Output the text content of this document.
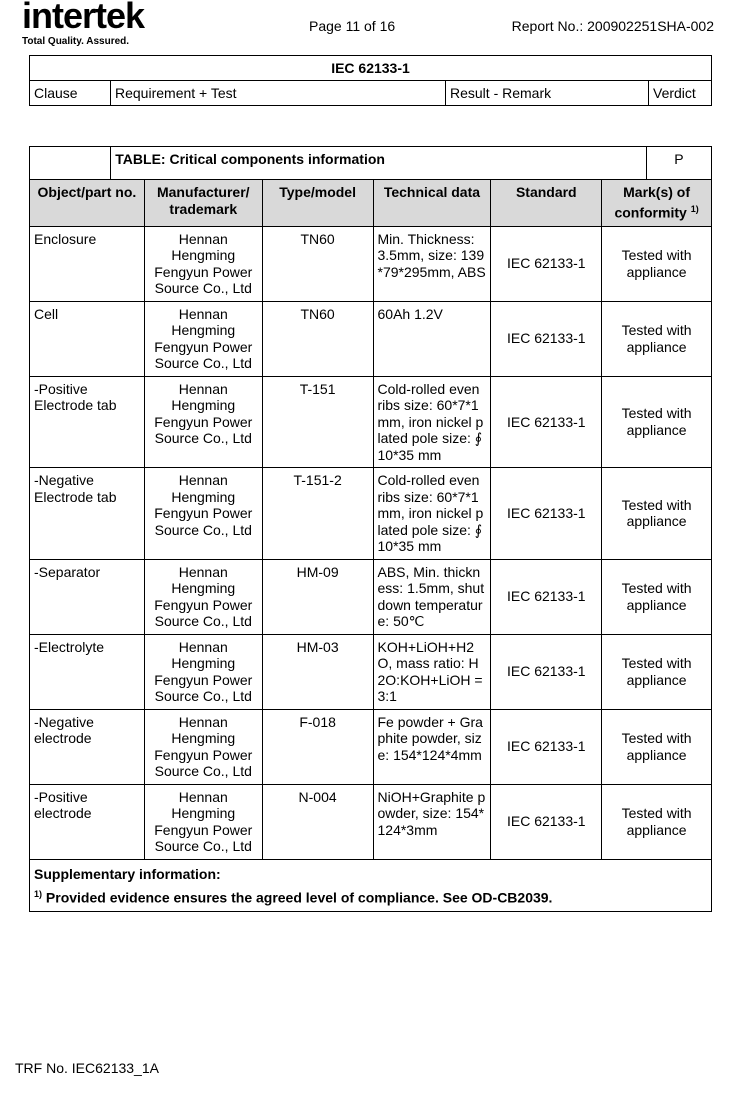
intertek
Total Quality. Assured.
Page 11 of 16	Report No.: 200902251SHA-002
IEC 62133-1
Clause	Requirement + Test	Result - Remark	Verdict
	TABLE: Critical components information						P
Object/part no.		Manufacturer/ trademark	Type/model	Technical data	Standard	Mark(s) of conformity $^{1)}$
Enclosure		Hennan Hengming Fengyun Power Source Co., Ltd	TN60	Min. Thickness: 3.5mm, size: 139*79*295mm, ABS	IEC 62133-1	Tested with appliance	
Cell		Hennan Hengming Fengyun Power Source Co., Ltd	TN60	60Ah 1.2V	IEC 62133-1	Tested with appliance	
-Positive Electrode tab		Hennan Hengming Fengyun Power Source Co., Ltd	T-151	Cold-rolled even ribs size: 60*7*1 mm, iron nickel plated pole size: ∮10*35 mm	IEC 62133-1	Tested with appliance	
-Negative Electrode tab		Hennan Hengming Fengyun Power Source Co., Ltd	T-151-2	Cold-rolled even ribs size: 60*7*1 mm, iron nickel plated pole size: ∮10*35 mm	IEC 62133-1	Tested with appliance	
-Separator		Hennan Hengming Fengyun Power Source Co., Ltd	HM-09	ABS, Min. thickness: 1.5mm, shutdown temperature: 50℃	IEC 62133-1	Tested with appliance	
-Electrolyte		Hennan Hengming Fengyun Power Source Co., Ltd	HM-03	KOH+LiOH+H2O, mass ratio: H2O:KOH+LiOH =3:1	IEC 62133-1	Tested with appliance	
-Negative electrode		Hennan Hengming Fengyun Power Source Co., Ltd	F-018	Fe powder + Graphite powder, size: 154*124*4mm	IEC 62133-1	Tested with appliance	
-Positive electrode		Hennan Hengming Fengyun Power Source Co., Ltd	N-004	NiOH+Graphite powder, size: 154*124*3mm	IEC 62133-1	Tested with appliance	

Supplementary information:
$^{1)}$ Provided evidence ensures the agreed level of compliance. See OD-CB2039.							
TRF No. IEC62133_1A
